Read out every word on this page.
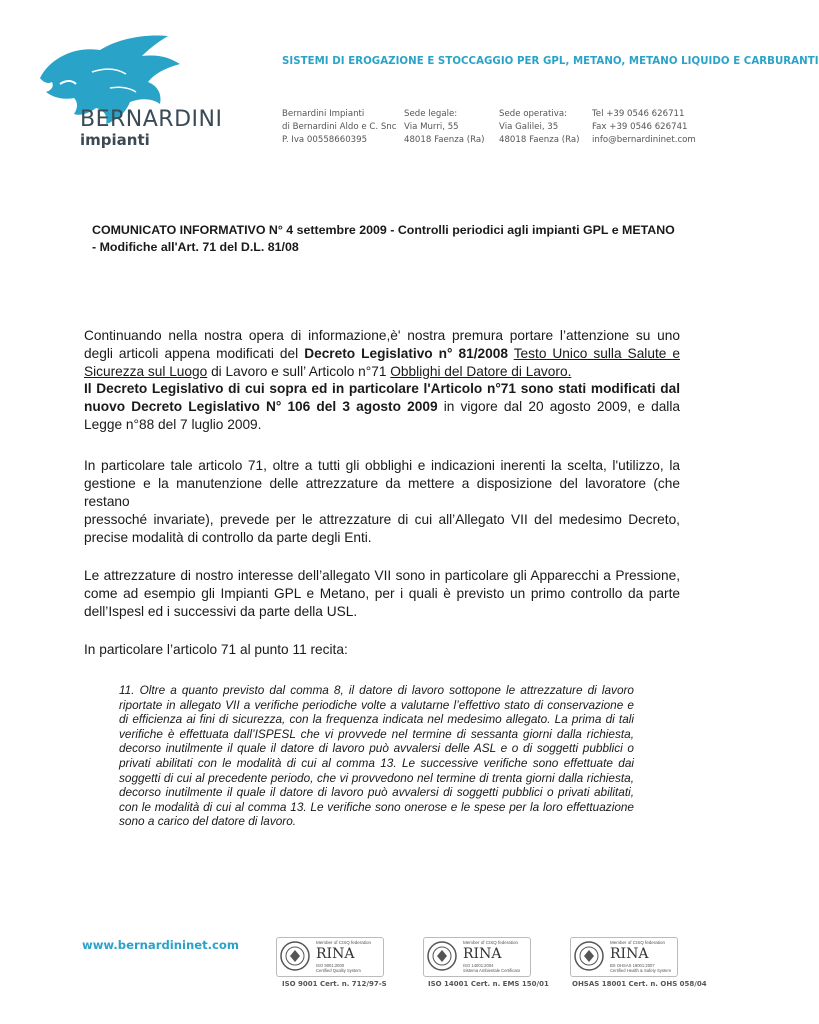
BERNARDINI
impianti
SISTEMI DI EROGAZIONE E STOCCAGGIO PER GPL, METANO, METANO LIQUIDO E CARBURANTI
Bernardini Impianti
di Bernardini Aldo e C. Snc
P. Iva 00558660395
Sede legale:
Via Murri, 55
48018 Faenza (Ra)
Sede operativa:
Via Galilei, 35
48018 Faenza (Ra)
Tel +39 0546 626711
Fax +39 0546 626741
info@bernardininet.com
COMUNICATO INFORMATIVO N° 4 settembre 2009 - Controlli periodici agli impianti GPL e METANO - Modifiche all'Art. 71 del D.L. 81/08
Continuando nella nostra opera di informazione,è' nostra premura portare l’attenzione su uno degli articoli appena modificati del Decreto Legislativo n° 81/2008 Testo Unico sulla Salute e Sicurezza sul Luogo di Lavoro e sull’ Articolo n°71 Obblighi del Datore di Lavoro.
Il Decreto Legislativo di cui sopra ed in particolare l'Articolo n°71 sono stati modificati dal nuovo Decreto Legislativo N° 106 del 3 agosto 2009 in vigore dal 20 agosto 2009, e dalla Legge n°88 del 7 luglio 2009.
In particolare tale articolo 71, oltre a tutti gli obblighi e indicazioni inerenti la scelta, l'utilizzo, la gestione e la manutenzione delle attrezzature da mettere a disposizione del lavoratore (che restano
pressoché invariate), prevede per le attrezzature di cui all’Allegato VII del medesimo Decreto, precise modalità di controllo da parte degli Enti.
Le attrezzature di nostro interesse dell’allegato VII sono in particolare gli Apparecchi a Pressione, come ad esempio gli Impianti GPL e Metano, per i quali è previsto un primo controllo da parte dell’Ispesl ed i successivi da parte della USL.
In particolare l’articolo 71 al punto 11 recita:
11. Oltre a quanto previsto dal comma 8, il datore di lavoro sottopone le attrezzature di lavoro riportate in allegato VII a verifiche periodiche volte a valutarne l’effettivo stato di conservazione e di efficienza ai fini di sicurezza, con la frequenza indicata nel medesimo allegato. La prima di tali verifiche è effettuata dall’ISPESL che vi provvede nel termine di sessanta giorni dalla richiesta, decorso inutilmente il quale il datore di lavoro può avvalersi delle ASL e o di soggetti pubblici o privati abilitati con le modalità di cui al comma 13. Le successive verifiche sono effettuate dai soggetti di cui al precedente periodo, che vi provvedono nel termine di trenta giorni dalla richiesta, decorso inutilmente il quale il datore di lavoro può avvalersi di soggetti pubblici o privati abilitati, con le modalità di cui al comma 13. Le verifiche sono onerose e le spese per la loro effettuazione sono a carico del datore di lavoro.
www.bernardininet.com	Member of CISQ federation
RINA
ISO 9001:2000
Certified Quality System
ISO 9001 Cert. n. 712/97-S
Member of CISQ federation
RINA
ISO 14001:2004
Sistema Ambientale Certificato
ISO 14001 Cert. n. EMS 150/01
Member of CISQ federation
RINA
BS OHSAS 18001:2007
Certified Health & Safety System
OHSAS 18001 Cert. n. OHS 058/04
